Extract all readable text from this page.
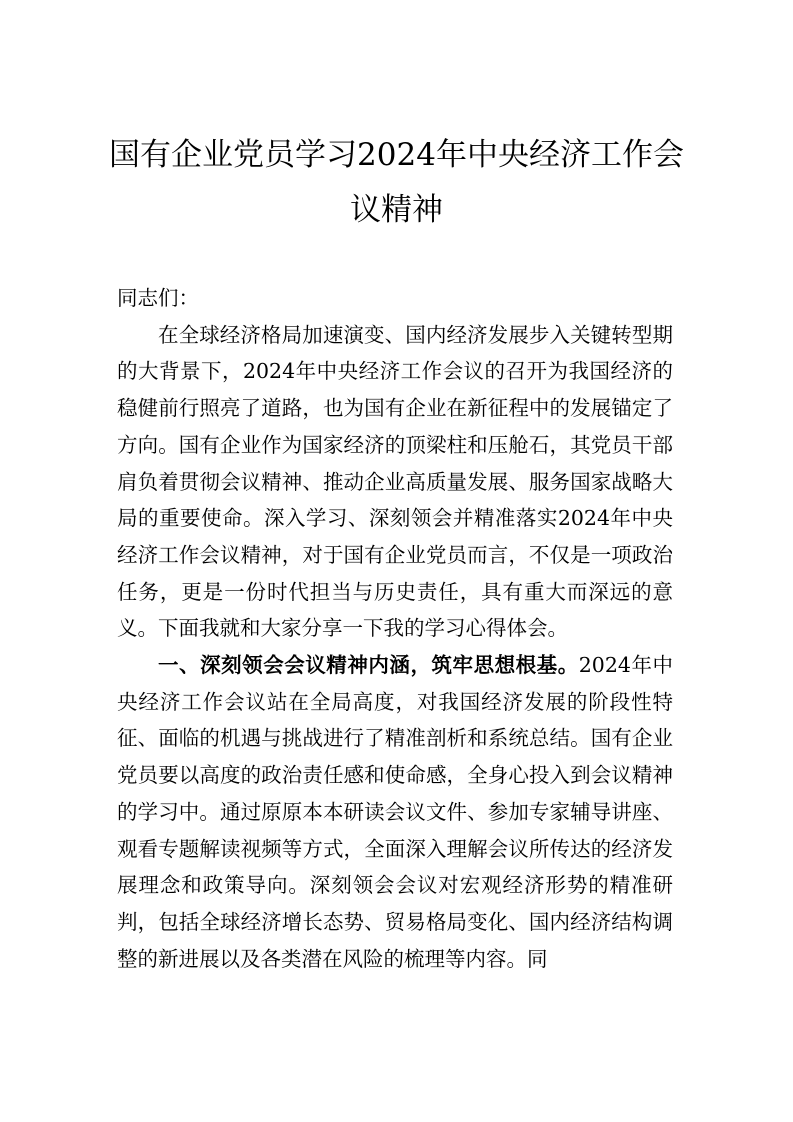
国有企业党员学习2024年中央经济工作会议精神

同志们：

在全球经济格局加速演变、国内经济发展步入关键转型期的大背景下，2024年中央经济工作会议的召开为我国经济的稳健前行照亮了道路，也为国有企业在新征程中的发展锚定了方向。国有企业作为国家经济的顶梁柱和压舱石，其党员干部肩负着贯彻会议精神、推动企业高质量发展、服务国家战略大局的重要使命。深入学习、深刻领会并精准落实2024年中央经济工作会议精神，对于国有企业党员而言，不仅是一项政治任务，更是一份时代担当与历史责任，具有重大而深远的意义。下面我就和大家分享一下我的学习心得体会。

一、深刻领会会议精神内涵，筑牢思想根基。2024年中央经济工作会议站在全局高度，对我国经济发展的阶段性特征、面临的机遇与挑战进行了精准剖析和系统总结。国有企业党员要以高度的政治责任感和使命感，全身心投入到会议精神的学习中。通过原原本本研读会议文件、参加专家辅导讲座、观看专题解读视频等方式，全面深入理解会议所传达的经济发展理念和政策导向。深刻领会会议对宏观经济形势的精准研判，包括全球经济增长态势、贸易格局变化、国内经济结构调整的新进展以及各类潜在风险的梳理等内容。同
